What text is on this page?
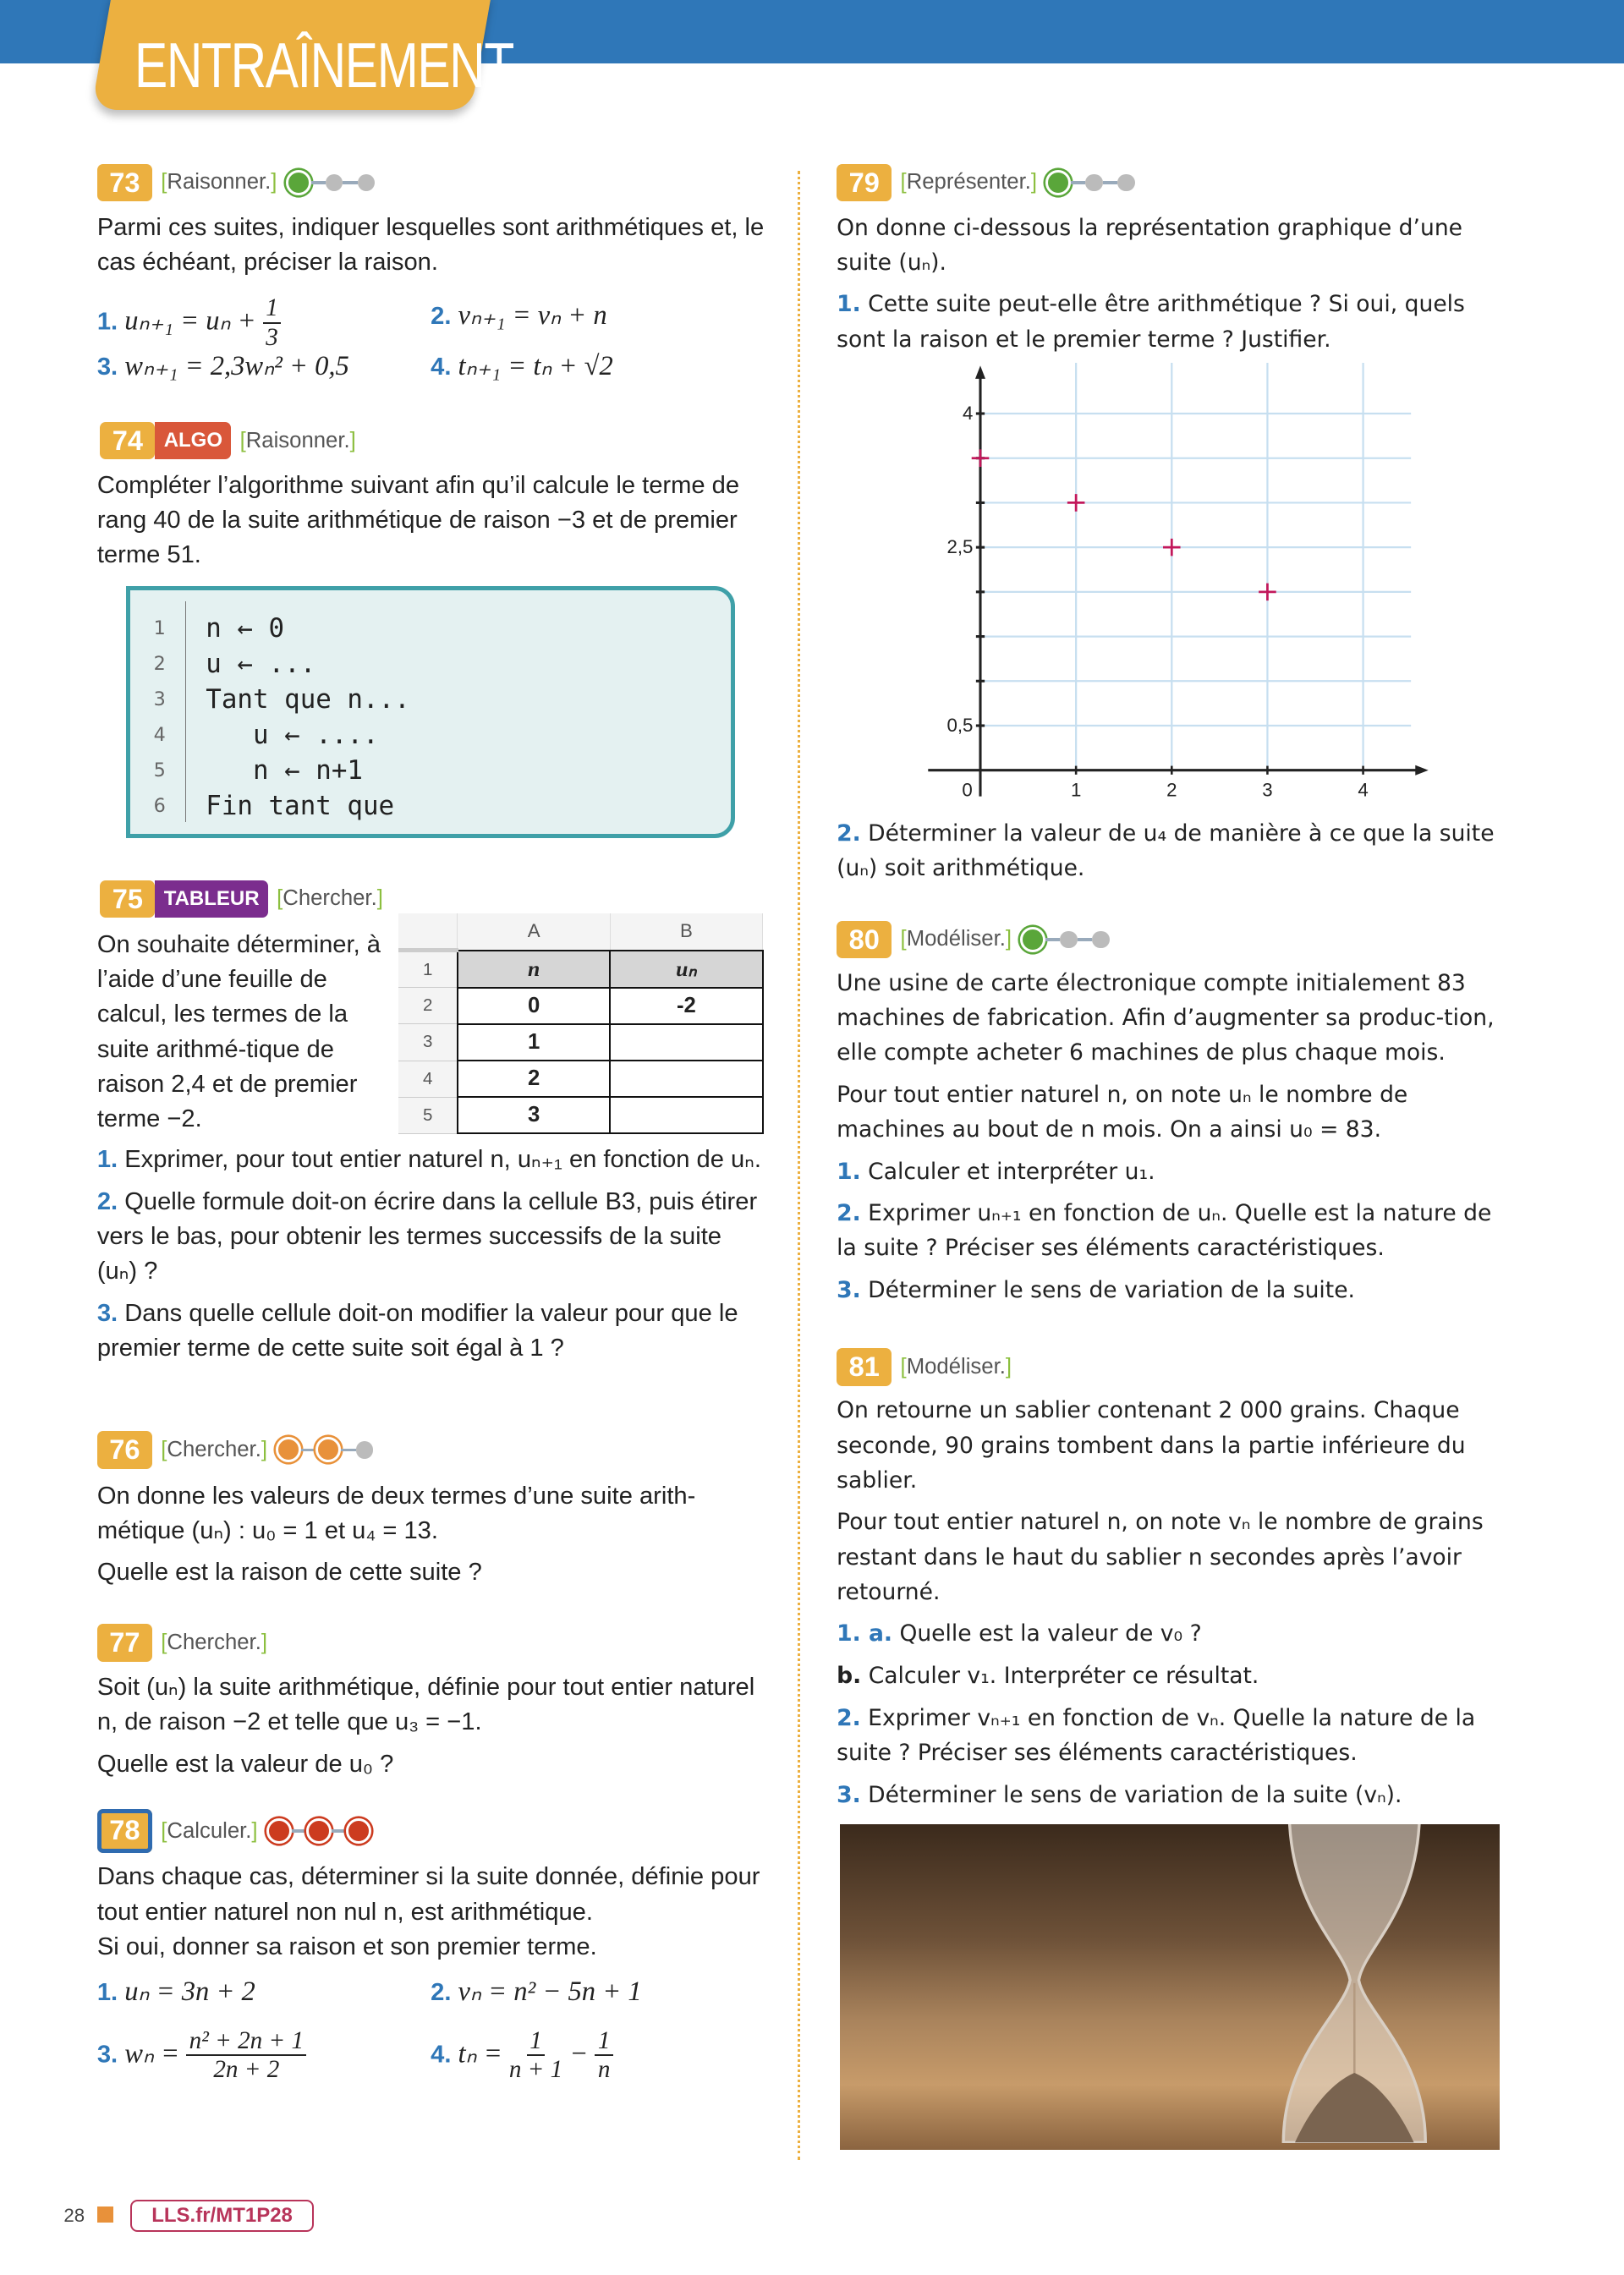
ENTRAÎNEMENT
73	[Raisonner.]
Parmi ces suites, indiquer lesquelles sont arithmétiques et, le cas échéant, préciser la raison.
1. $u_{n+1} = u_n + \frac{1}{3}$	2. vₙ₊₁ = vₙ + n
3. wₙ₊₁ = 2,3wₙ² + 0,5	4. tₙ₊₁ = tₙ + √2
74	ALGO	[Raisonner.]
Compléter l’algorithme suivant afin qu’il calcule le terme de rang 40 de la suite arithmétique de raison −3 et de premier terme 51.
1	n ← 0
2	u ← ...
3	Tant que n...
4	u ← ....
5	n ← n+1
6	Fin tant que
75	TABLEUR	[Chercher.]
On souhaite déterminer, à l’aide d’une feuille de calcul, les termes de la suite arithmé-tique de raison 2,4 et de premier terme −2.
	A	B
1	n	uₙ
2	0	-2
3	1	
4	2	
5	3	
1. Exprimer, pour tout entier naturel n, uₙ₊₁ en fonction de uₙ.
2. Quelle formule doit-on écrire dans la cellule B3, puis étirer vers le bas, pour obtenir les termes successifs de la suite (uₙ) ?
3. Dans quelle cellule doit-on modifier la valeur pour que le premier terme de cette suite soit égal à 1 ?
76	[Chercher.]
On donne les valeurs de deux termes d’une suite arith-métique (uₙ) : u₀ = 1 et u₄ = 13.
Quelle est la raison de cette suite ?
77	[Chercher.]
Soit (uₙ) la suite arithmétique, définie pour tout entier naturel n, de raison −2 et telle que u₃ = −1.
Quelle est la valeur de u₀ ?
78	[Calculer.]
Dans chaque cas, déterminer si la suite donnée, définie pour tout entier naturel non nul n, est arithmétique.
Si oui, donner sa raison et son premier terme.
1. uₙ = 3n + 2	2. vₙ = n² − 5n + 1
3. $w_n = \frac{\text{n² + 2n + 1}}{2n + 2}$	4. $t_n = \frac{1}{n + 1} - \frac{1}{n}$
79	[Représenter.]
On donne ci-dessous la représentation graphique d’une suite (uₙ).
1. Cette suite peut-elle être arithmétique ? Si oui, quels sont la raison et le premier terme ? Justifier.
0	1	2	3	4
4
2,5
0,5
2. Déterminer la valeur de u₄ de manière à ce que la suite (uₙ) soit arithmétique.
80	[Modéliser.]
Une usine de carte électronique compte initialement 83 machines de fabrication. Afin d’augmenter sa produc-tion, elle compte acheter 6 machines de plus chaque mois.
Pour tout entier naturel n, on note uₙ le nombre de machines au bout de n mois. On a ainsi u₀ = 83.
1. Calculer et interpréter u₁.
2. Exprimer uₙ₊₁ en fonction de uₙ. Quelle est la nature de la suite ? Préciser ses éléments caractéristiques.
3. Déterminer le sens de variation de la suite.
81	[Modéliser.]
On retourne un sablier contenant 2 000 grains. Chaque seconde, 90 grains tombent dans la partie inférieure du sablier.
Pour tout entier naturel n, on note vₙ le nombre de grains restant dans le haut du sablier n secondes après l’avoir retourné.
1. a. Quelle est la valeur de v₀ ?
b. Calculer v₁. Interpréter ce résultat.
2. Exprimer vₙ₊₁ en fonction de vₙ. Quelle la nature de la suite ? Préciser ses éléments caractéristiques.
3. Déterminer le sens de variation de la suite (vₙ).
28	LLS.fr/MT1P28
